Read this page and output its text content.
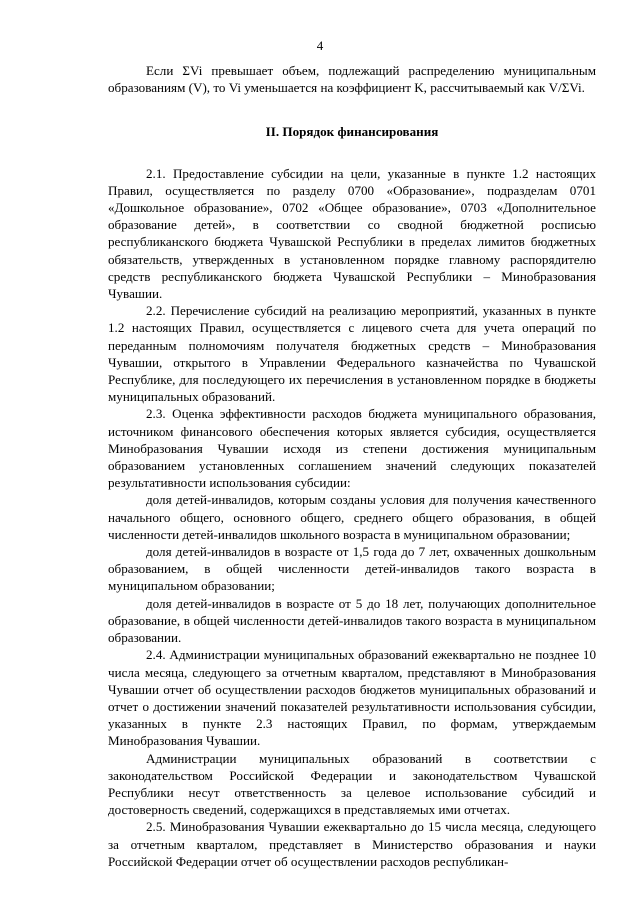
4

Если ΣVi превышает объем, подлежащий распределению муниципальным образованиям (V), то Vi уменьшается на коэффициент K, рассчитываемый как V/ΣVi.

II. Порядок финансирования

2.1. Предоставление субсидии на цели, указанные в пункте 1.2 настоящих Правил, осуществляется по разделу 0700 «Образование», подразделам 0701 «Дошкольное образование», 0702 «Общее образование», 0703 «Дополнительное образование детей», в соответствии со сводной бюджетной росписью республиканского бюджета Чувашской Республики в пределах лимитов бюджетных обязательств, утвержденных в установленном порядке главному распорядителю средств республиканского бюджета Чувашской Республики – Минобразования Чувашии.

2.2. Перечисление субсидий на реализацию мероприятий, указанных в пункте 1.2 настоящих Правил, осуществляется с лицевого счета для учета операций по переданным полномочиям получателя бюджетных средств – Минобразования Чувашии, открытого в Управлении Федерального казначейства по Чувашской Республике, для последующего их перечисления в установленном порядке в бюджеты муниципальных образований.

2.3. Оценка эффективности расходов бюджета муниципального образования, источником финансового обеспечения которых является субсидия, осуществляется Минобразования Чувашии исходя из степени достижения муниципальным образованием установленных соглашением значений следующих показателей результативности использования субсидии:

доля детей-инвалидов, которым созданы условия для получения качественного начального общего, основного общего, среднего общего образования, в общей численности детей-инвалидов школьного возраста в муниципальном образовании;

доля детей-инвалидов в возрасте от 1,5 года до 7 лет, охваченных дошкольным образованием, в общей численности детей-инвалидов такого возраста в муниципальном образовании;

доля детей-инвалидов в возрасте от 5 до 18 лет, получающих дополнительное образование, в общей численности детей-инвалидов такого возраста в муниципальном образовании.

2.4. Администрации муниципальных образований ежеквартально не позднее 10 числа месяца, следующего за отчетным кварталом, представляют в Минобразования Чувашии отчет об осуществлении расходов бюджетов муниципальных образований и отчет о достижении значений показателей результативности использования субсидии, указанных в пункте 2.3 настоящих Правил, по формам, утверждаемым Минобразования Чувашии.

Администрации муниципальных образований в соответствии с законодательством Российской Федерации и законодательством Чувашской Республики несут ответственность за целевое использование субсидий и достоверность сведений, содержащихся в представляемых ими отчетах.

2.5. Минобразования Чувашии ежеквартально до 15 числа месяца, следующего за отчетным кварталом, представляет в Министерство образования и науки Российской Федерации отчет об осуществлении расходов республикан-
